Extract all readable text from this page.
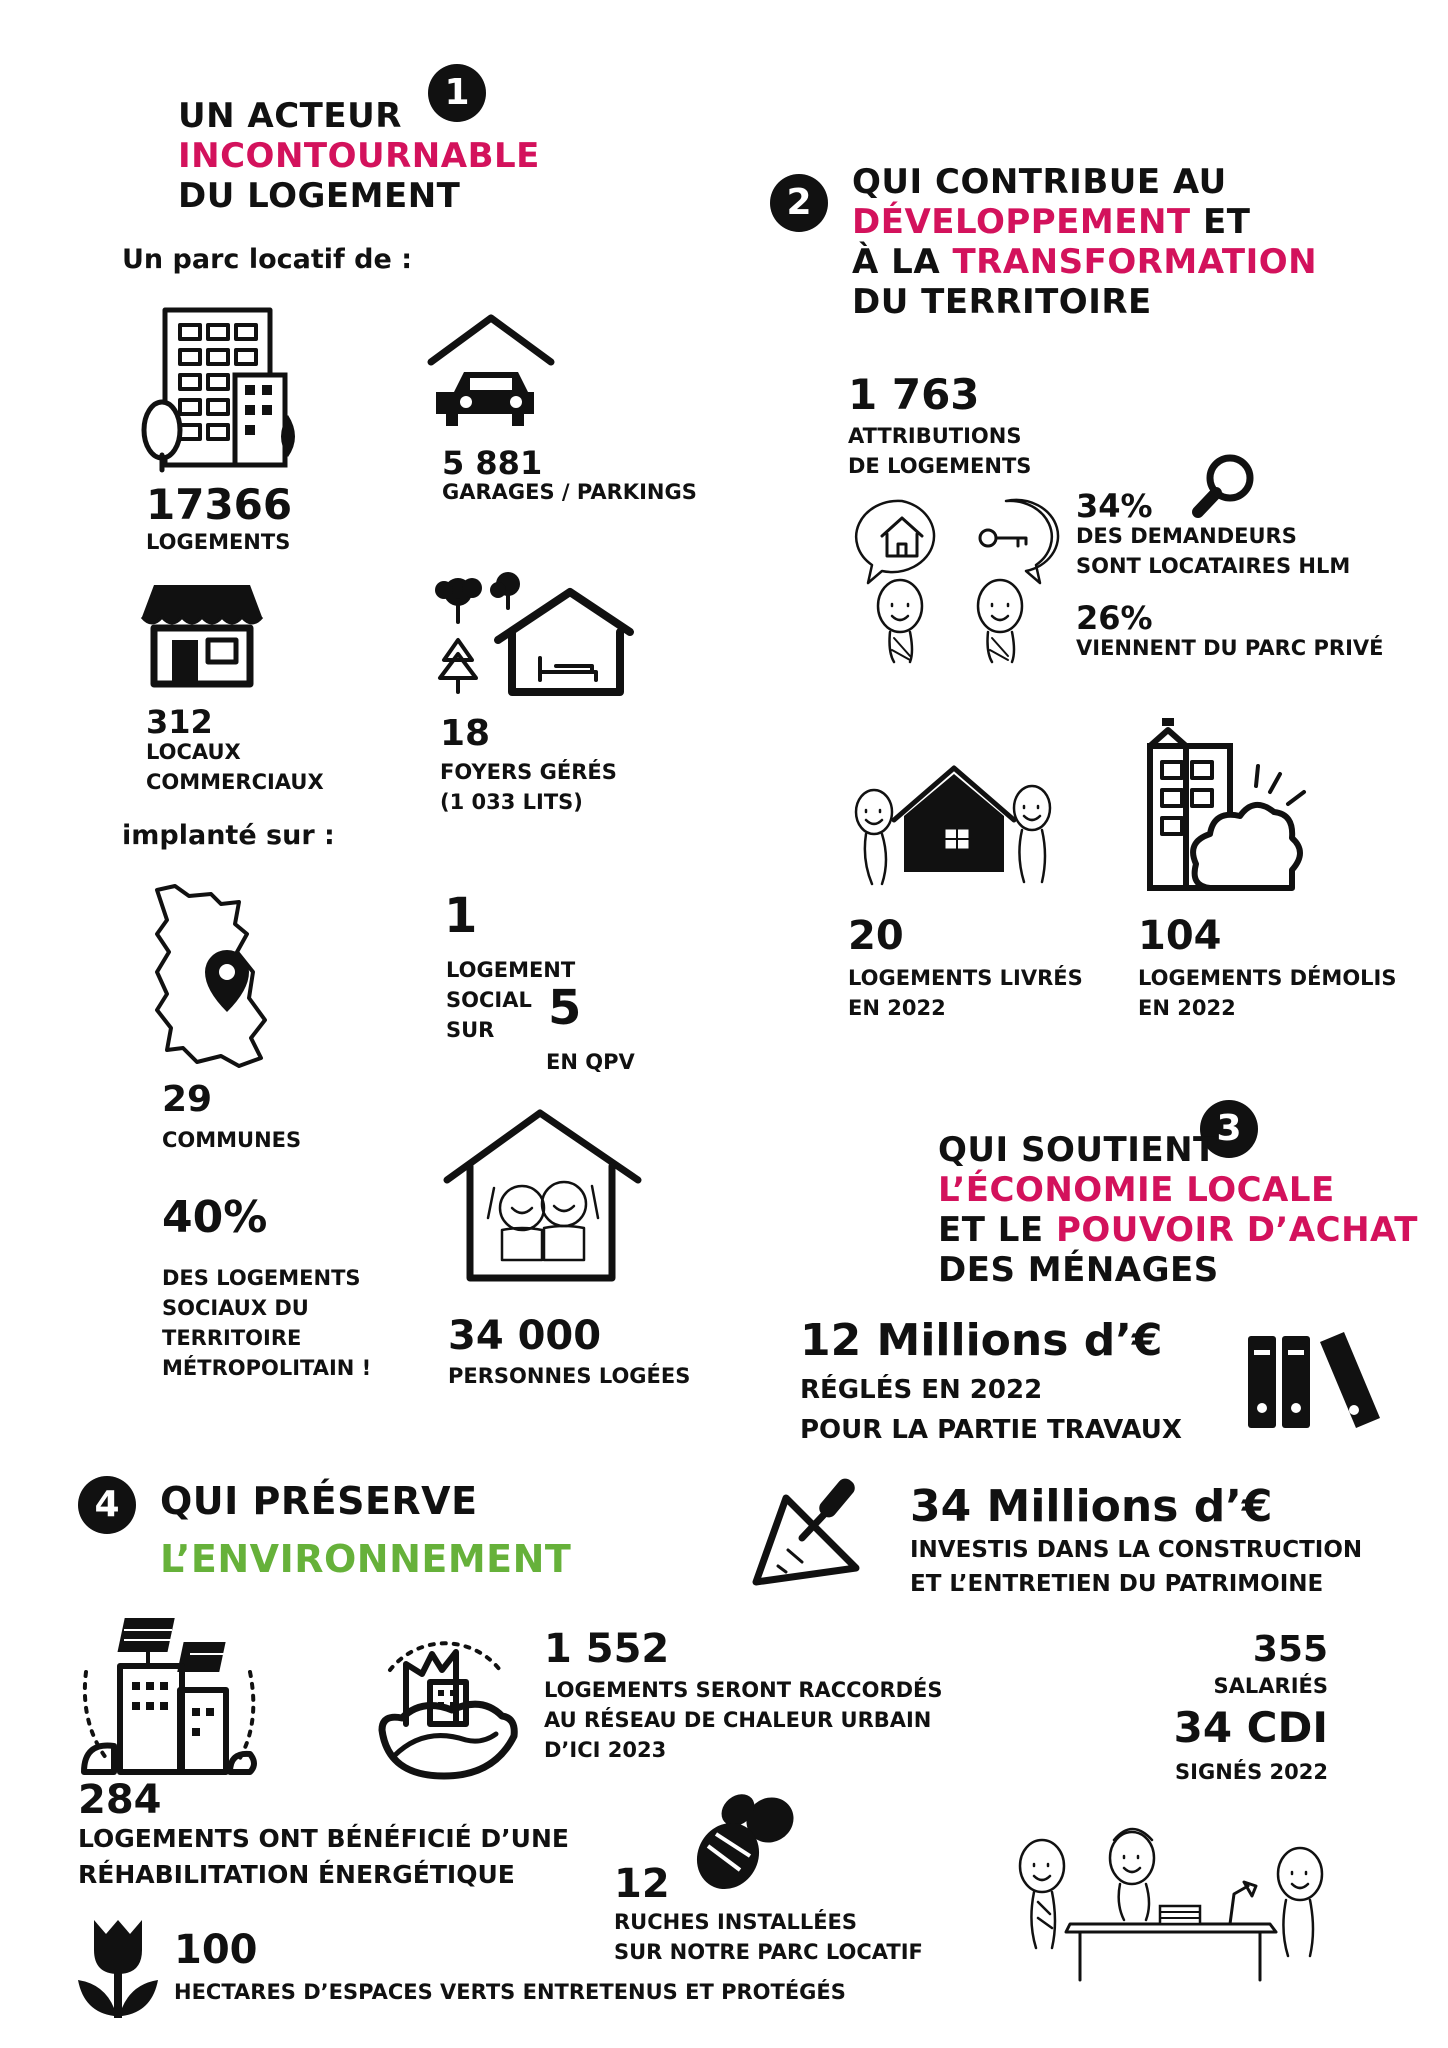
1
UN ACTEUR
INCONTOURNABLE
DU LOGEMENT
Un parc locatif de :
17366
LOGEMENTS
5 881
GARAGES / PARKINGS
312
LOCAUX
COMMERCIAUX
18
FOYERS GÉRÉS
(1 033 LITS)
implanté sur :
29
COMMUNES
1
LOGEMENT
SOCIAL
SUR 5
EN QPV
40%
DES LOGEMENTS
SOCIAUX DU
TERRITOIRE
MÉTROPOLITAIN !
34 000
PERSONNES LOGÉES
2	QUI CONTRIBUE AU
DÉVELOPPEMENT ET
À LA TRANSFORMATION
DU TERRITOIRE
1 763
ATTRIBUTIONS
DE LOGEMENTS
34%
DES DEMANDEURS
SONT LOCATAIRES HLM
26%
VIENNENT DU PARC PRIVÉ
20
LOGEMENTS LIVRÉS
EN 2022
104
LOGEMENTS DÉMOLIS
EN 2022
3
QUI SOUTIENT
L’ÉCONOMIE LOCALE
ET LE POUVOIR D’ACHAT
DES MÉNAGES
12 Millions d’€
RÉGLÉS EN 2022
POUR LA PARTIE TRAVAUX
34 Millions d’€
INVESTIS DANS LA CONSTRUCTION
ET L’ENTRETIEN DU PATRIMOINE
355
SALARIÉS
34 CDI
SIGNÉS 2022
4	QUI PRÉSERVE
L’ENVIRONNEMENT
284
LOGEMENTS ONT BÉNÉFICIÉ D’UNE
RÉHABILITATION ÉNERGÉTIQUE
1 552
LOGEMENTS SERONT RACCORDÉS
AU RÉSEAU DE CHALEUR URBAIN
D’ICI 2023
12
RUCHES INSTALLÉES
SUR NOTRE PARC LOCATIF
100
HECTARES D’ESPACES VERTS ENTRETENUS ET PROTÉGÉS
